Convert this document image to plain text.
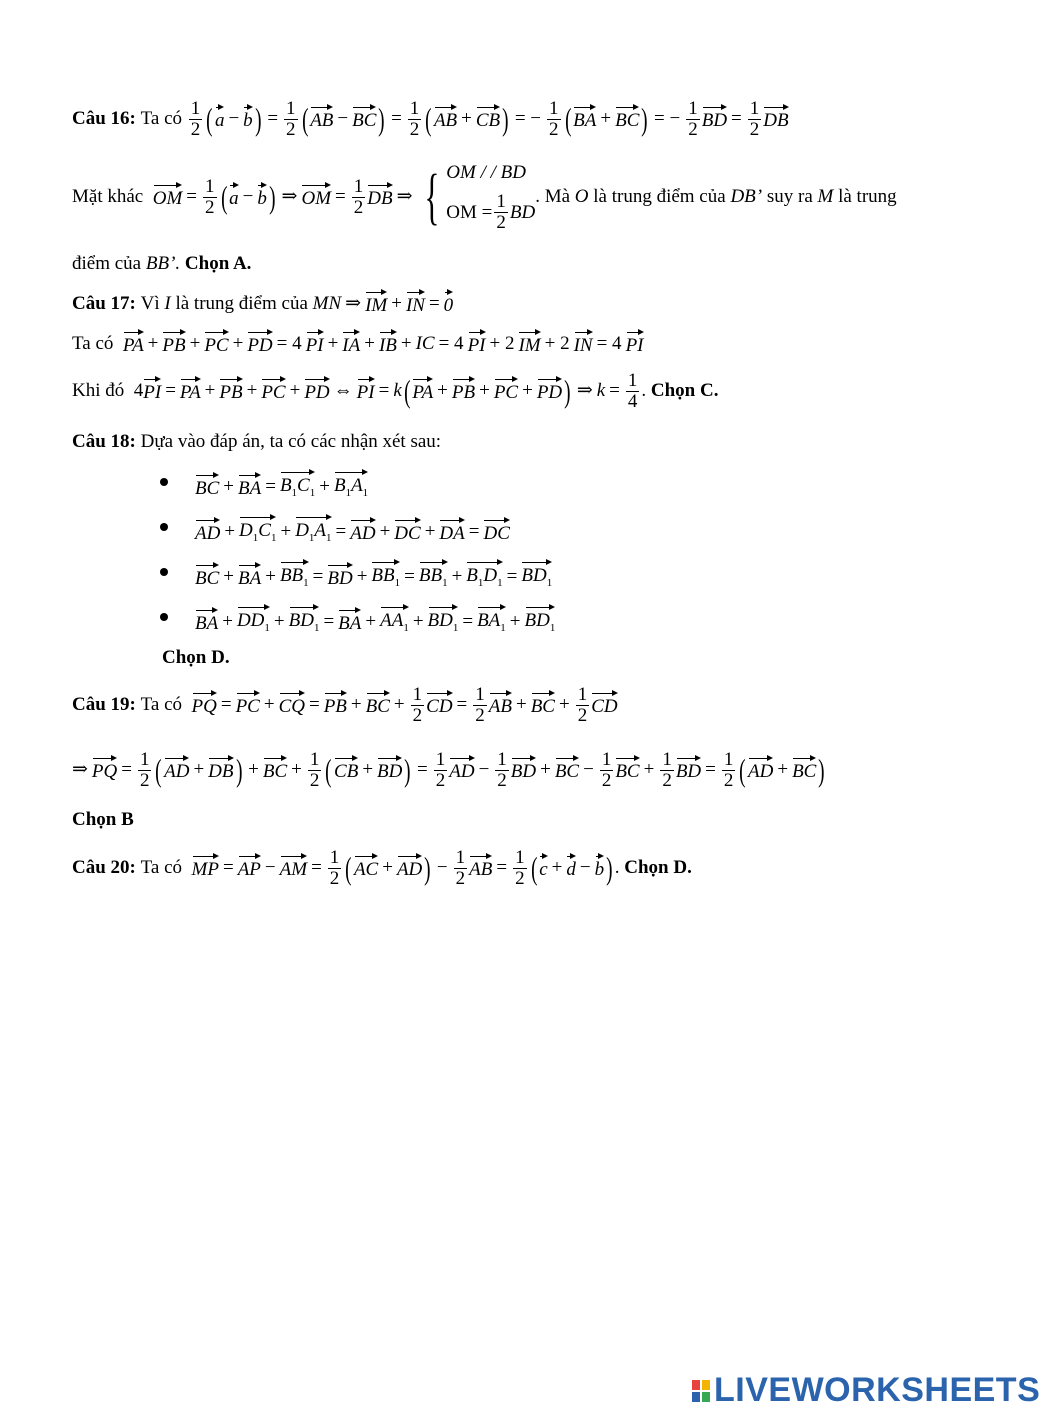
Câu 16:
Ta có
$\frac{1}{2}$ ( a − b ) = $\frac{1}{2}$ ( AB − BC ) = $\frac{1}{2}$ ( AB + CB ) = − $\frac{1}{2}$ ( BA + BC ) = − $\frac{1}{2}$ BD = $\frac{1}{2}$ DB
Mặt khác
OM = $\frac{1}{2}$ ( a − b ) ⇒ OM = $\frac{1}{2}$ DB ⇒ { OM / / BD
OM = $\frac{1}{2}$ BD
. Mà
O
là trung điểm của
DB’
suy ra
M
là trung
điểm của
BB’.
Chọn A.
Câu 17:
Vì
I
là trung điểm của
MN ⇒ IM + IN = 0
Ta có
PA + PB + PC + PD = 4 PI + IA + IB + IC = 4 PI + 2 IM + 2 IN = 4 PI
Khi đó 4 PI = PA + PB + PC + PD ⇔ PI = k ( PA + PB + PC + PD ) ⇒ $k = \frac{1}{4}$ . Chọn C.
Câu 18:
Dựa vào đáp án, ta có các nhận xét sau:
BC + BA = $B_1C_1 + B_1A_1$
AD + $D_1C_1 + D_1A_1$ = AD + DC + DA = DC
BC + BA + $BB_1$ = BD + $BB_1 = BB_1 + B_1D_1 = BD_1$
BA + $DD_1 + BD_1$ = BA + $AA_1 + BD_1 = BA_1 + BD_1$
Chọn D.
Câu 19:
Ta có
PQ = PC + CQ = PB + BC + $\frac{1}{2}$ CD = $\frac{1}{2}$ AB + BC + $\frac{1}{2}$ CD
⇒ PQ = $\frac{1}{2}$ ( AD + DB ) + BC + $\frac{1}{2}$ ( CB + BD ) = $\frac{1}{2}$ AD − $\frac{1}{2}$ BD + BC − $\frac{1}{2}$ BC + $\frac{1}{2}$ BD = $\frac{1}{2}$ ( AD + BC )
Chọn B
Câu 20:
Ta có
MP = AP − AM = $\frac{1}{2}$ ( AC + AD ) − $\frac{1}{2}$ AB = $\frac{1}{2}$ ( c + d − b ) . Chọn D.
LIVEWORKSHEETS
